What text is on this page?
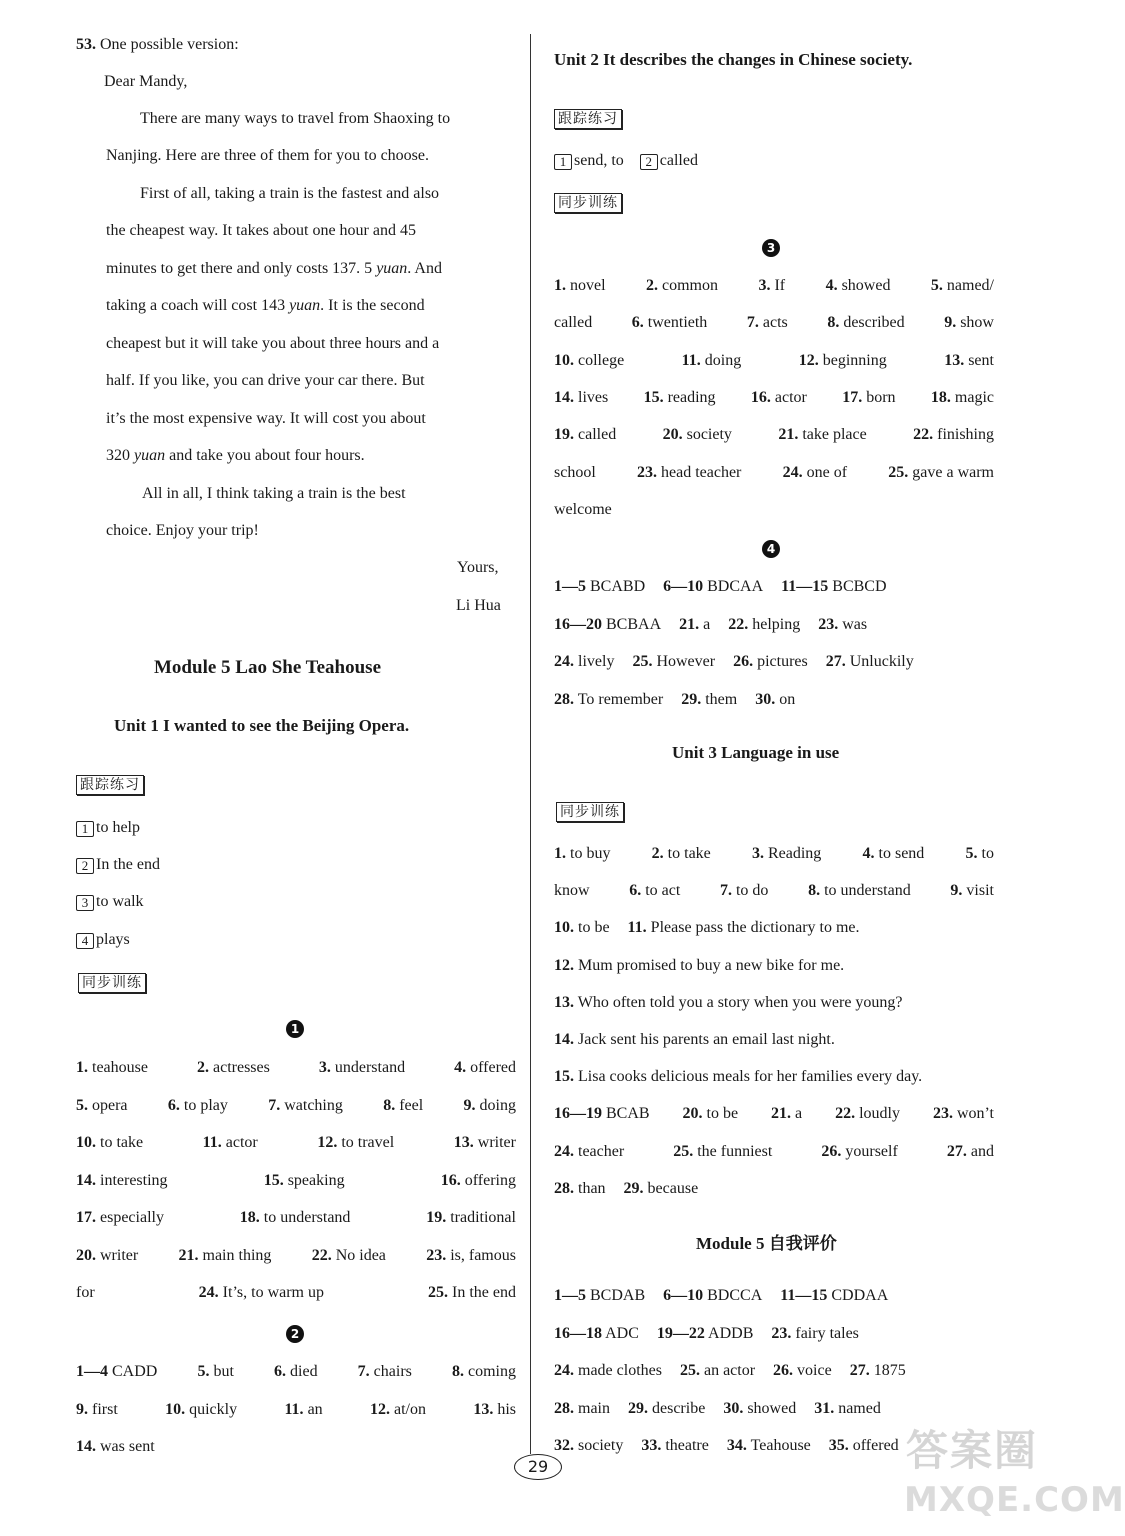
53. One possible version:
Dear Mandy,
There are many ways to travel from Shaoxing to
Nanjing. Here are three of them for you to choose.
First of all, taking a train is the fastest and also
the cheapest way. It takes about one hour and 45
minutes to get there and only costs 137. 5 yuan. And
taking a coach will cost 143 yuan. It is the second
cheapest but it will take you about three hours and a
half. If you like, you can drive your car there. But
it’s the most expensive way. It will cost you about
320 yuan and take you about four hours.
All in all, I think taking a train is the best
choice. Enjoy your trip!
Yours,
Li Hua
Module 5 Lao She Teahouse
Unit 1 I wanted to see the Beijing Opera.
跟踪练习
1 to help
2 In the end
3 to walk
4 plays
同步训练
1
1. teahouse	2. actresses	3. understand	4. offered
5. opera	6. to play	7. watching	8. feel	9. doing
10. to take	11. actor	12. to travel	13. writer
14. interesting	15. speaking	16. offering
17. especially	18. to understand	19. traditional
20. writer	21. main thing	22. No idea	23. is, famous
for	24. It’s, to warm up	25. In the end
2
1—4 CADD	5. but	6. died	7. chairs	8. coming
9. first	10. quickly	11. an	12. at/on	13. his
14. was sent
Unit 2 It describes the changes in Chinese society.
跟踪练习
1 send, to 2 called
同步训练
3
1. novel	2. common	3. If	4. showed	5. named/
called 6. twentieth 7. acts 8. described 9. show
10. college	11. doing	12. beginning	13. sent
14. lives 15. reading 16. actor 17. born 18. magic
19. called	20. society	21. take place	22. finishing
school	23. head teacher	24. one of	25. gave a warm
welcome
4
1—5 BCABD 6—10 BDCAA 11—15 BCBCD
16—20 BCBAA 21. a 22. helping 23. was
24. lively 25. However 26. pictures 27. Unluckily
28. To remember 29. them 30. on
Unit 3 Language in use
同步训练
1. to buy	2. to take	3. Reading	4. to send	5. to
know 6. to act 7. to do 8. to understand 9. visit
10. to be 11. Please pass the dictionary to me.
12. Mum promised to buy a new bike for me.
13. Who often told you a story when you were young?
14. Jack sent his parents an email last night.
15. Lisa cooks delicious meals for her families every day.
16—19 BCAB 20. to be 21. a 22. loudly 23. won’t
24. teacher	25. the funniest	26. yourself	27. and
28. than 29. because
Module 5 自我评价
1—5 BCDAB 6—10 BDCCA 11—15 CDDAA
16—18 ADC 19—22 ADDB 23. fairy tales
24. made clothes 25. an actor 26. voice 27. 1875
28. main 29. describe 30. showed 31. named
32. society 33. theatre 34. Teahouse 35. offered
29	答案圈
MXQE.COM
